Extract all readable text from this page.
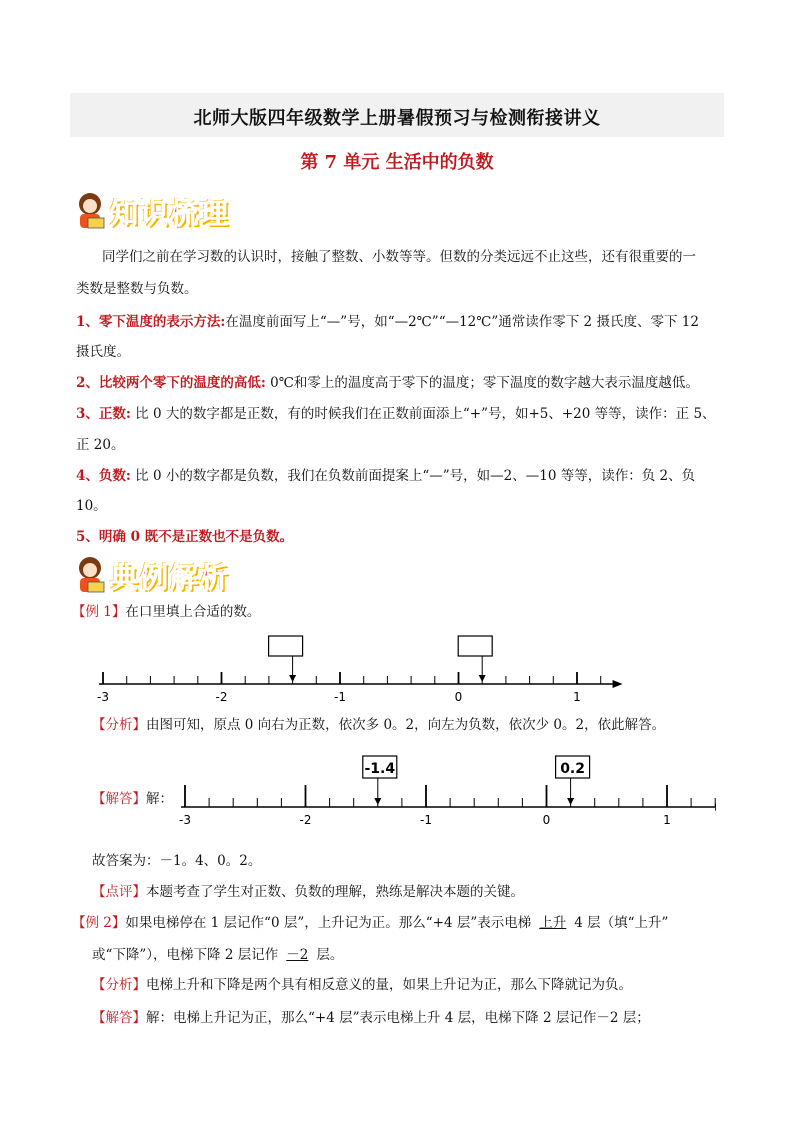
北师大版四年级数学上册暑假预习与检测衔接讲义
第 7 单元 生活中的负数
知识梳理
同学们之前在学习数的认识时，接触了整数、小数等等。但数的分类远远不止这些，还有很重要的一
类数是整数与负数。
1、零下温度的表示方法:在温度前面写上“—”号，如“—2℃”“—12℃”通常读作零下 2 摄氏度、零下 12
摄氏度。
2、比较两个零下的温度的高低: 0℃和零上的温度高于零下的温度；零下温度的数字越大表示温度越低。
3、正数: 比 0 大的数字都是正数，有的时候我们在正数前面添上“+”号，如+5、+20 等等，读作：正 5、
正 20。
4、负数: 比 0 小的数字都是负数，我们在负数前面提案上“—”号，如—2、—10 等等，读作：负 2、负
10。
5、明确 0 既不是正数也不是负数。
典例解析
【例 1】在口里填上合适的数。
-3	-2	-1	0	1
【分析】由图可知，原点 0 向右为正数，依次多 0。2，向左为负数，依次少 0。2，依此解答。
【解答】解：
-3	-2	-1	0	1
-1.4	0.2
故答案为：－1。4、0。2。
【点评】本题考查了学生对正数、负数的理解，熟练是解决本题的关键。
【例 2】如果电梯停在 1 层记作“0 层”，上升记为正。那么“+4 层”表示电梯 上升 4 层（填“上升”
或“下降”），电梯下降 2 层记作 －2 层。
【分析】电梯上升和下降是两个具有相反意义的量，如果上升记为正，那么下降就记为负。
【解答】解：电梯上升记为正，那么“+4 层”表示电梯上升 4 层，电梯下降 2 层记作－2 层；
